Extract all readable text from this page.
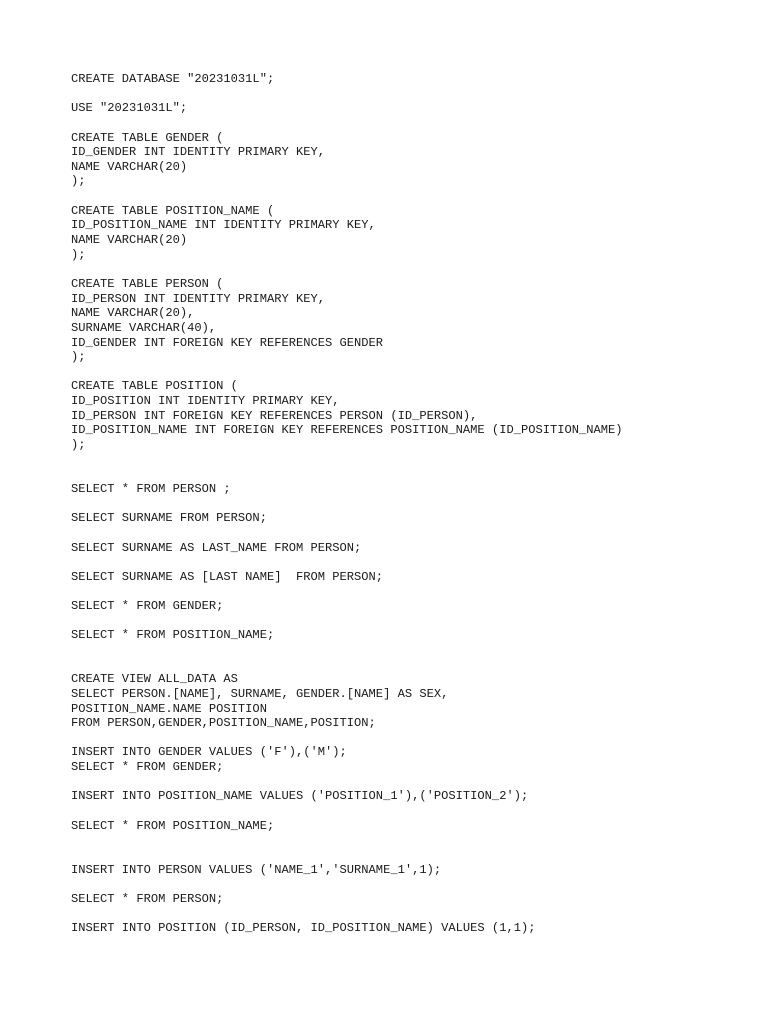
CREATE DATABASE "20231031L";
USE "20231031L";
CREATE TABLE GENDER (
ID_GENDER INT IDENTITY PRIMARY KEY,
NAME VARCHAR(20)
);
CREATE TABLE POSITION_NAME (
ID_POSITION_NAME INT IDENTITY PRIMARY KEY,
NAME VARCHAR(20)
);
CREATE TABLE PERSON (
ID_PERSON INT IDENTITY PRIMARY KEY,
NAME VARCHAR(20),
SURNAME VARCHAR(40),
ID_GENDER INT FOREIGN KEY REFERENCES GENDER
);
CREATE TABLE POSITION (
ID_POSITION INT IDENTITY PRIMARY KEY,
ID_PERSON INT FOREIGN KEY REFERENCES PERSON (ID_PERSON),
ID_POSITION_NAME INT FOREIGN KEY REFERENCES POSITION_NAME (ID_POSITION_NAME)
);
SELECT * FROM PERSON ;
SELECT SURNAME FROM PERSON;
SELECT SURNAME AS LAST_NAME FROM PERSON;
SELECT SURNAME AS [LAST NAME]  FROM PERSON;
SELECT * FROM GENDER;
SELECT * FROM POSITION_NAME;
CREATE VIEW ALL_DATA AS
SELECT PERSON.[NAME], SURNAME, GENDER.[NAME] AS SEX,
POSITION_NAME.NAME POSITION
FROM PERSON,GENDER,POSITION_NAME,POSITION;
INSERT INTO GENDER VALUES ('F'),('M');
SELECT * FROM GENDER;
INSERT INTO POSITION_NAME VALUES ('POSITION_1'),('POSITION_2');
SELECT * FROM POSITION_NAME;
INSERT INTO PERSON VALUES ('NAME_1','SURNAME_1',1);
SELECT * FROM PERSON;
INSERT INTO POSITION (ID_PERSON, ID_POSITION_NAME) VALUES (1,1);
